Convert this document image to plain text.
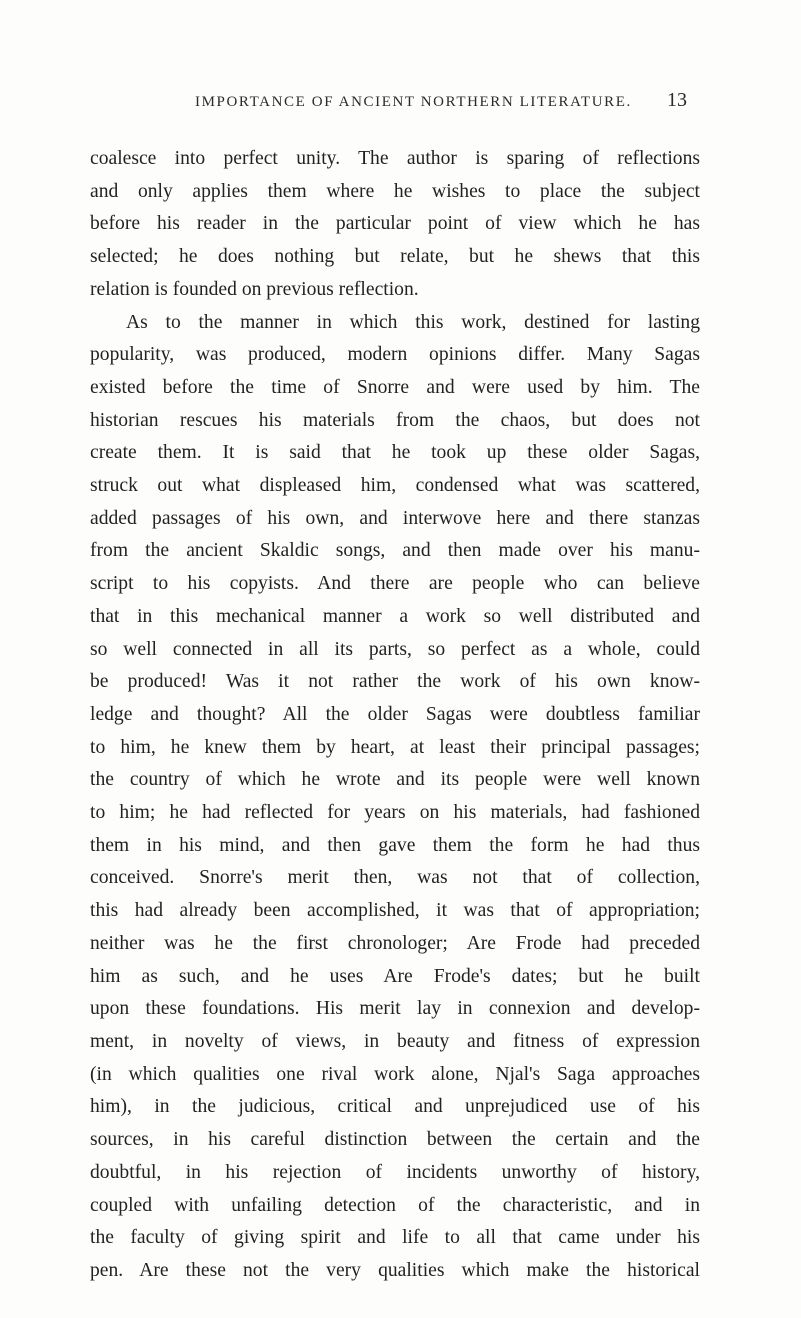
IMPORTANCE OF ANCIENT NORTHERN LITERATURE.	13
coalesce into perfect unity. The author is sparing of reflections
and only applies them where he wishes to place the subject
before his reader in the particular point of view which he has
selected; he does nothing but relate, but he shews that this
relation is founded on previous reflection.
As to the manner in which this work, destined for lasting
popularity, was produced, modern opinions differ. Many Sagas
existed before the time of Snorre and were used by him. The
historian rescues his materials from the chaos, but does not
create them. It is said that he took up these older Sagas,
struck out what displeased him, condensed what was scattered,
added passages of his own, and interwove here and there stanzas
from the ancient Skaldic songs, and then made over his manu-
script to his copyists. And there are people who can believe
that in this mechanical manner a work so well distributed and
so well connected in all its parts, so perfect as a whole, could
be produced! Was it not rather the work of his own know-
ledge and thought? All the older Sagas were doubtless familiar
to him, he knew them by heart, at least their principal passages;
the country of which he wrote and its people were well known
to him; he had reflected for years on his materials, had fashioned
them in his mind, and then gave them the form he had thus
conceived. Snorre's merit then, was not that of collection,
this had already been accomplished, it was that of appropriation;
neither was he the first chronologer; Are Frode had preceded
him as such, and he uses Are Frode's dates; but he built
upon these foundations. His merit lay in connexion and develop-
ment, in novelty of views, in beauty and fitness of expression
(in which qualities one rival work alone, Njal's Saga approaches
him), in the judicious, critical and unprejudiced use of his
sources, in his careful distinction between the certain and the
doubtful, in his rejection of incidents unworthy of history,
coupled with unfailing detection of the characteristic, and in
the faculty of giving spirit and life to all that came under his
pen. Are these not the very qualities which make the historical
